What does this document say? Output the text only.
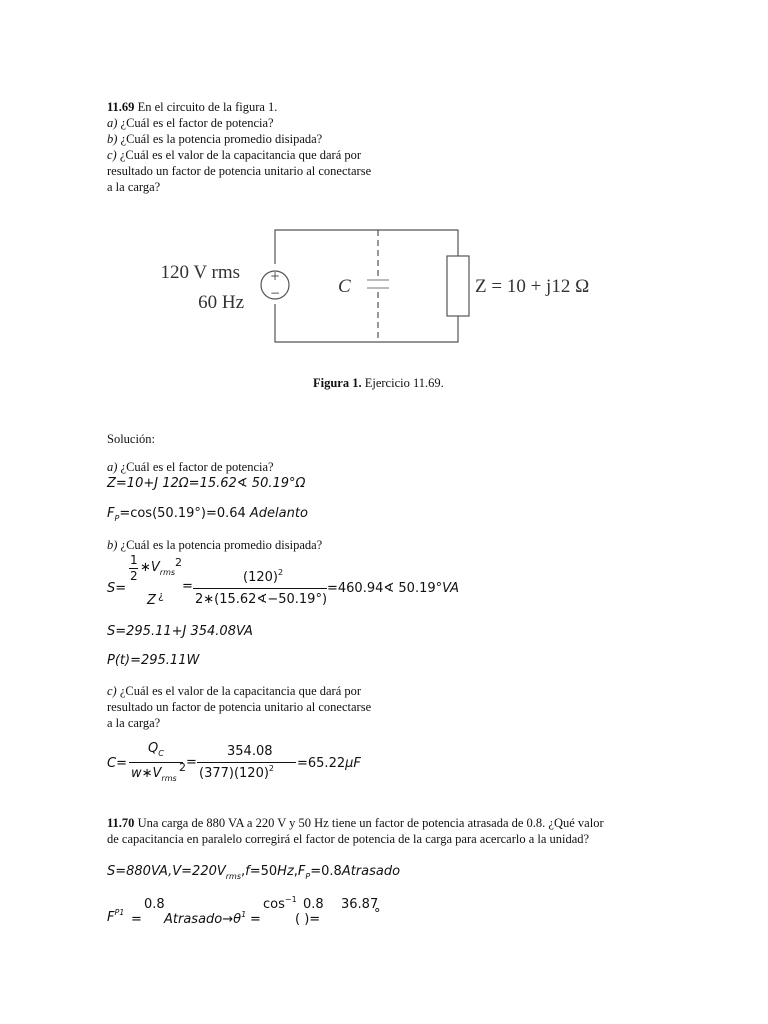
11.69 En el circuito de la figura 1.
a) ¿Cuál es el factor de potencia?
b) ¿Cuál es la potencia promedio disipada?
c) ¿Cuál es el valor de la capacitancia que dará por
resultado un factor de potencia unitario al conectarse
a la carga?
+
−
120 V rms
60 Hz
C	Z = 10 + j12 Ω
Figura 1. Ejercicio 11.69.
Solución:
a) ¿Cuál es el factor de potencia?
Z=10+J 12Ω=15.62∢ 50.19°Ω
$F_P=\cos(50.19^\circ)=0.64$ Adelanto
b) ¿Cuál es la potencia promedio disipada?
S=
1
2
$∗V_{rms}$
2
Z ¿
=
$(120)^2$
2∗(15.62∢−50.19°)
=460.94∢ 50.19°VA
S=295.11+J 354.08VA
P(t)=295.11W
c) ¿Cuál es el valor de la capacitancia que dará por
resultado un factor de potencia unitario al conectarse
a la carga?
C=
$Q_C$
$w∗V_{rms}$
2 =
354.08
$(377)(120)^2 =65.22\mu F$
11.70 Una carga de 880 VA a 220 V y 50 Hz tiene un factor de potencia atrasada de 0.8. ¿Qué valor
de capacitancia en paralelo corregirá el factor de potencia de la carga para acercarlo a la unidad?
$S=880VA,V=220V_{rms},f=50Hz,F_P=0.8Atrasado$
$F^{P1}$ =
0.8
$Atrasado\to\theta^1$ =
$\cos^{-1} 0.8$
( )=
36.87
°
